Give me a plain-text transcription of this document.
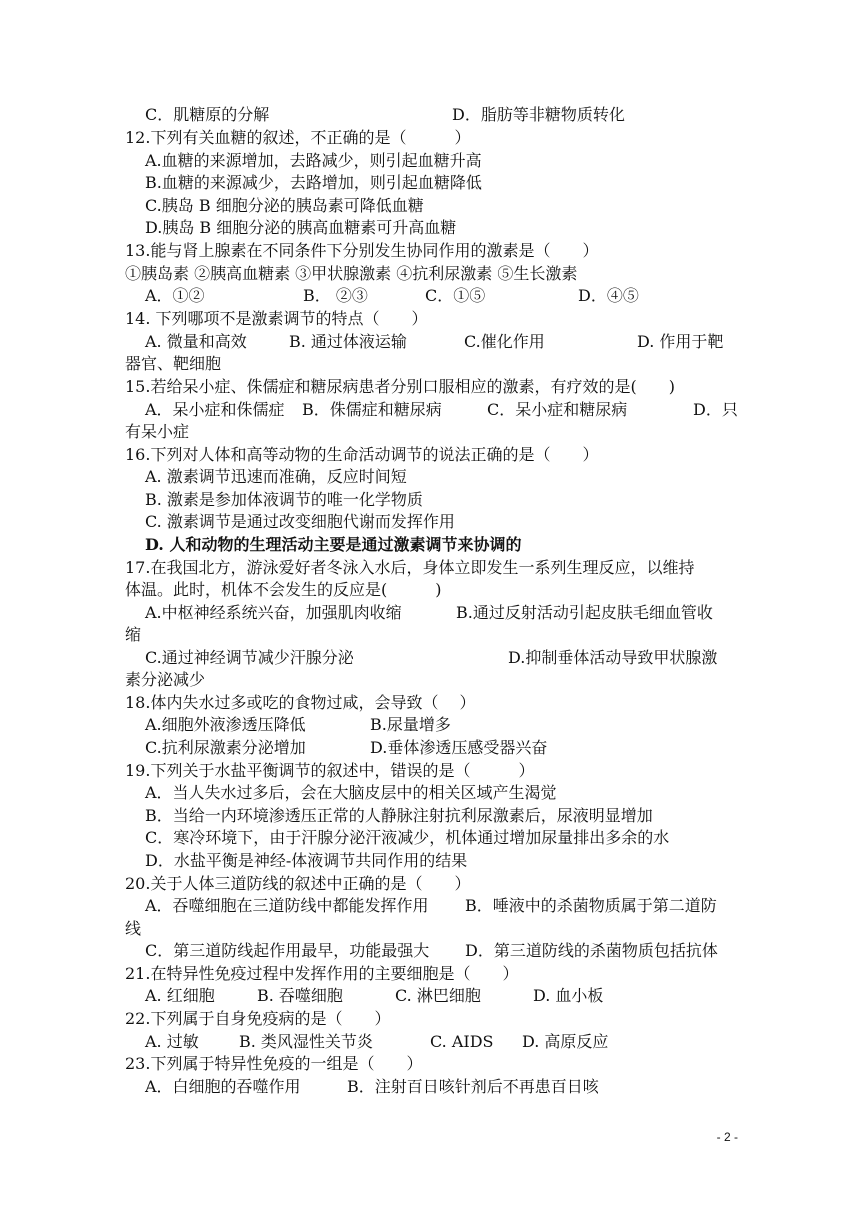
C．肌糖原的分解	D．脂肪等非糖物质转化
12.下列有关血糖的叙述，不正确的是（　　　）
A.血糖的来源增加，去路减少，则引起血糖升高
B.血糖的来源减少，去路增加，则引起血糖降低
C.胰岛 B 细胞分泌的胰岛素可降低血糖
D.胰岛 B 细胞分泌的胰高血糖素可升高血糖
13.能与肾上腺素在不同条件下分别发生协同作用的激素是（　　）
①胰岛素 ②胰高血糖素 ③甲状腺激素 ④抗利尿激素 ⑤生长激素
A．①②	B． ②③	C．①⑤	D．④⑤
14. 下列哪项不是激素调节的特点（　　）
A. 微量和高效	B. 通过体液运输	C.催化作用	D. 作用于靶
器官、靶细胞
15.若给呆小症、侏儒症和糖尿病患者分别口服相应的激素，有疗效的是(　　)
A．呆小症和侏儒症 B．侏儒症和糖尿病	C．呆小症和糖尿病	D．只
有呆小症
16.下列对人体和高等动物的生命活动调节的说法正确的是（　　）
A. 激素调节迅速而准确，反应时间短
B. 激素是参加体液调节的唯一化学物质
C. 激素调节是通过改变细胞代谢而发挥作用
D. 人和动物的生理活动主要是通过激素调节来协调的
17.在我国北方，游泳爱好者冬泳入水后，身体立即发生一系列生理反应，以维持
体温。此时，机体不会发生的反应是(　　　)
A.中枢神经系统兴奋，加强肌肉收缩	B.通过反射活动引起皮肤毛细血管收
缩
C.通过神经调节减少汗腺分泌	D.抑制垂体活动导致甲状腺激
素分泌减少
18.体内失水过多或吃的食物过咸，会导致（　 ）
A.细胞外液渗透压降低	B.尿量增多
C.抗利尿激素分泌增加	D.垂体渗透压感受器兴奋
19.下列关于水盐平衡调节的叙述中，错误的是（　　　）
A．当人失水过多后，会在大脑皮层中的相关区域产生渴觉
B．当给一内环境渗透压正常的人静脉注射抗利尿激素后，尿液明显增加
C．寒冷环境下，由于汗腺分泌汗液减少，机体通过增加尿量排出多余的水
D．水盐平衡是神经-体液调节共同作用的结果
20.关于人体三道防线的叙述中正确的是（　　）
A．吞噬细胞在三道防线中都能发挥作用 B．唾液中的杀菌物质属于第二道防
线
C．第三道防线起作用最早，功能最强大 D．第三道防线的杀菌物质包括抗体
21.在特异性免疫过程中发挥作用的主要细胞是（　　）
A. 红细胞	B. 吞噬细胞	C. 淋巴细胞	D. 血小板
22.下列属于自身免疫病的是（　　）
A. 过敏	B. 类风湿性关节炎	C. AIDS D. 高原反应
23.下列属于特异性免疫的一组是（　　）
A．白细胞的吞噬作用	B．注射百日咳针剂后不再患百日咳
- 2 -
